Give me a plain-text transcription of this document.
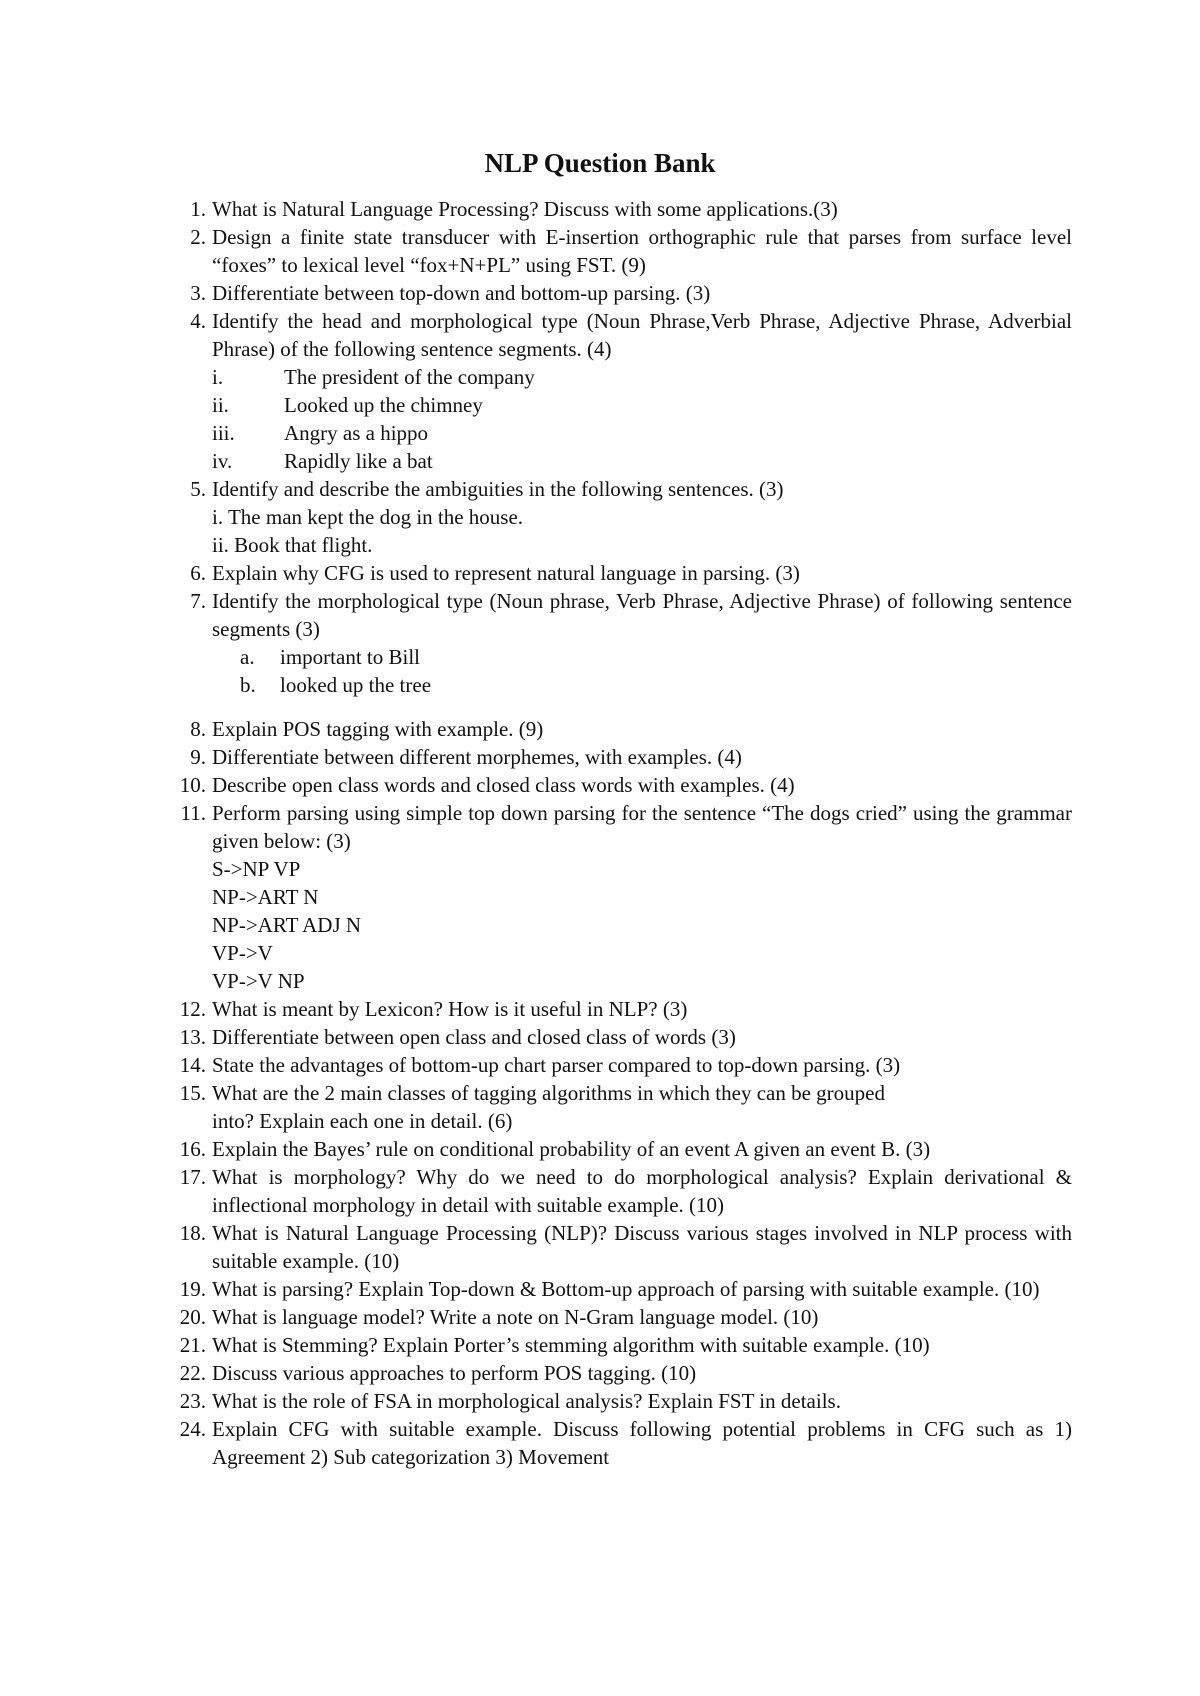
NLP Question Bank
1. What is Natural Language Processing? Discuss with some applications.(3)
2. Design a finite state transducer with E-insertion orthographic rule that parses from surface level “foxes” to lexical level “fox+N+PL” using FST. (9)
3. Differentiate between top-down and bottom-up parsing. (3)
4. Identify the head and morphological type (Noun Phrase,Verb Phrase, Adjective Phrase, Adverbial Phrase) of the following sentence segments. (4)
i.	The president of the company
ii.	Looked up the chimney
iii.	Angry as a hippo
iv.	Rapidly like a bat
5. Identify and describe the ambiguities in the following sentences. (3)
i. The man kept the dog in the house.
ii. Book that flight.
6. Explain why CFG is used to represent natural language in parsing. (3)
7. Identify the morphological type (Noun phrase, Verb Phrase, Adjective Phrase) of following sentence segments (3)
a.	important to Bill
b.	looked up the tree
8. Explain POS tagging with example. (9)
9. Differentiate between different morphemes, with examples. (4)
10. Describe open class words and closed class words with examples. (4)
11. Perform parsing using simple top down parsing for the sentence “The dogs cried” using the grammar given below: (3)
S->NP VP
NP->ART N
NP->ART ADJ N
VP->V
VP->V NP
12. What is meant by Lexicon? How is it useful in NLP? (3)
13. Differentiate between open class and closed class of words (3)
14. State the advantages of bottom-up chart parser compared to top-down parsing. (3)
15. What are the 2 main classes of tagging algorithms in which they can be grouped
into? Explain each one in detail. (6)
16. Explain the Bayes’ rule on conditional probability of an event A given an event B. (3)
17. What is morphology? Why do we need to do morphological analysis? Explain derivational & inflectional morphology in detail with suitable example. (10)
18. What is Natural Language Processing (NLP)? Discuss various stages involved in NLP process with suitable example. (10)
19. What is parsing? Explain Top-down & Bottom-up approach of parsing with suitable example. (10)
20. What is language model? Write a note on N-Gram language model. (10)
21. What is Stemming? Explain Porter’s stemming algorithm with suitable example. (10)
22. Discuss various approaches to perform POS tagging. (10)
23. What is the role of FSA in morphological analysis? Explain FST in details.
24. Explain CFG with suitable example. Discuss following potential problems in CFG such as 1) Agreement 2) Sub categorization 3) Movement
